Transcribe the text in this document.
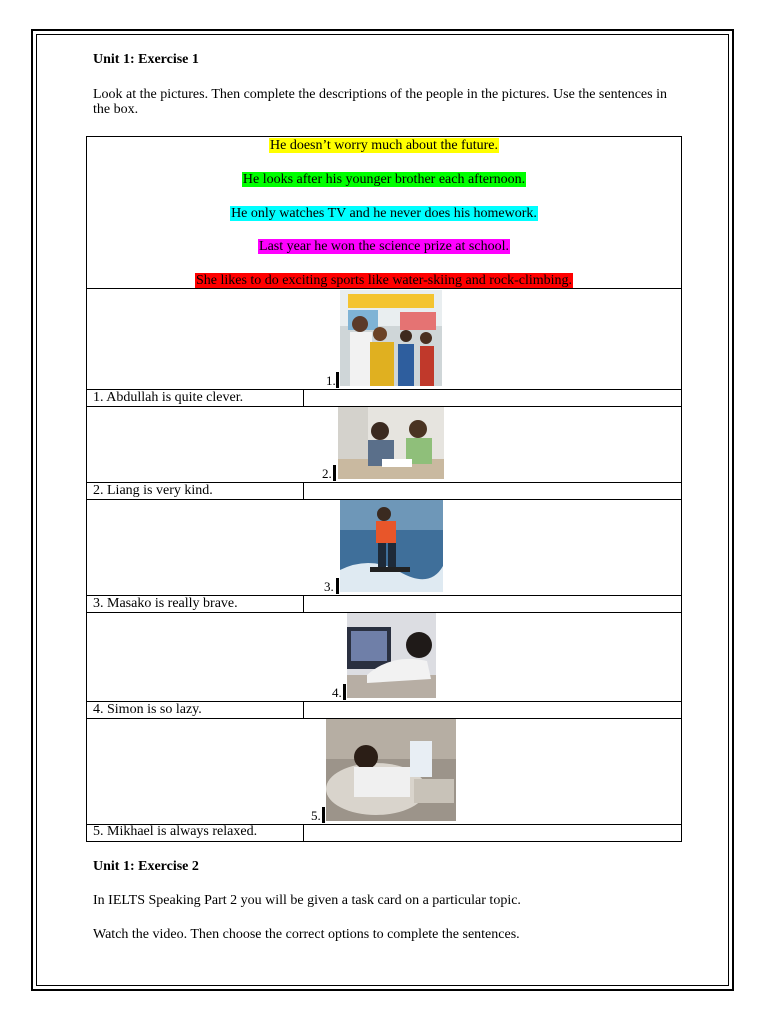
Unit 1: Exercise 1
Look at the pictures. Then complete the descriptions of the people in the pictures. Use the sentences in the box.
He doesn’t worry much about the future.
He looks after his younger brother each afternoon.
He only watches TV and he never does his homework.
Last year he won the science prize at school.
She likes to do exciting sports like water-skiing and rock-climbing.
1.
1. Abdullah is quite clever.
2.
2. Liang is very kind.
3.
3. Masako is really brave.
4.
4. Simon is so lazy.
5.
5. Mikhael is always relaxed.
Unit 1: Exercise 2
In IELTS Speaking Part 2 you will be given a task card on a particular topic.
Watch the video. Then choose the correct options to complete the sentences.
